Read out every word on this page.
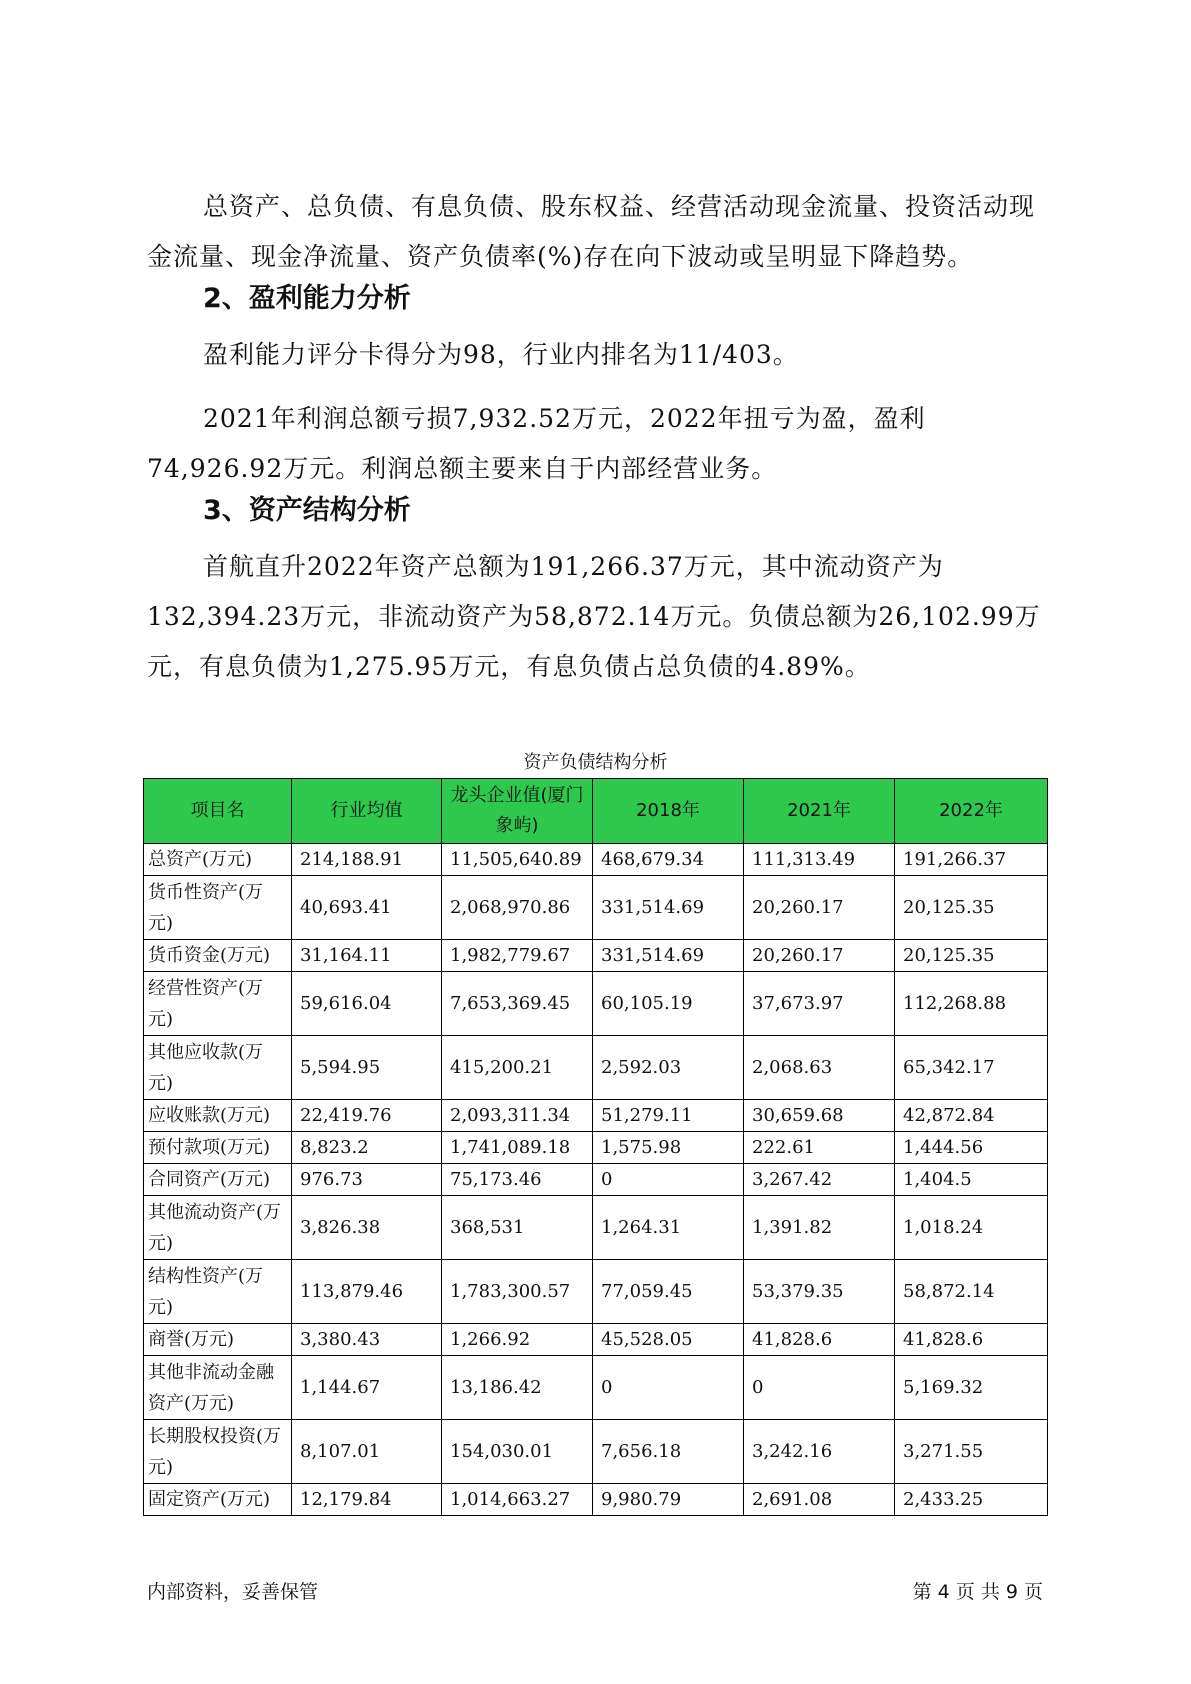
总资产、总负债、有息负债、股东权益、经营活动现金流量、投资活动现金流量、现金净流量、资产负债率(%)存在向下波动或呈明显下降趋势。

2、盈利能力分析

盈利能力评分卡得分为98，行业内排名为11/403。

2021年利润总额亏损7,932.52万元，2022年扭亏为盈，盈利74,926.92万元。利润总额主要来自于内部经营业务。

3、资产结构分析

首航直升2022年资产总额为191,266.37万元，其中流动资产为132,394.23万元，非流动资产为58,872.14万元。负债总额为26,102.99万元，有息负债为1,275.95万元，有息负债占总负债的4.89%。

资产负债结构分析
项目名	行业均值	龙头企业值(厦门象屿)	2018年	2021年	2022年
总资产(万元)	214,188.91	11,505,640.89	468,679.34	111,313.49	191,266.37
货币性资产(万元)	40,693.41	2,068,970.86	331,514.69	20,260.17	20,125.35
货币资金(万元)	31,164.11	1,982,779.67	331,514.69	20,260.17	20,125.35
经营性资产(万元)	59,616.04	7,653,369.45	60,105.19	37,673.97	112,268.88
其他应收款(万元)	5,594.95	415,200.21	2,592.03	2,068.63	65,342.17
应收账款(万元)	22,419.76	2,093,311.34	51,279.11	30,659.68	42,872.84
预付款项(万元)	8,823.2	1,741,089.18	1,575.98	222.61	1,444.56
合同资产(万元)	976.73	75,173.46	0	3,267.42	1,404.5
其他流动资产(万元)	3,826.38	368,531	1,264.31	1,391.82	1,018.24
结构性资产(万元)	113,879.46	1,783,300.57	77,059.45	53,379.35	58,872.14
商誉(万元)	3,380.43	1,266.92	45,528.05	41,828.6	41,828.6
其他非流动金融资产(万元)	1,144.67	13,186.42	0	0	5,169.32
长期股权投资(万元)	8,107.01	154,030.01	7,656.18	3,242.16	3,271.55
固定资产(万元)	12,179.84	1,014,663.27	9,980.79	2,691.08	2,433.25
内部资料，妥善保管	第 4 页 共 9 页
